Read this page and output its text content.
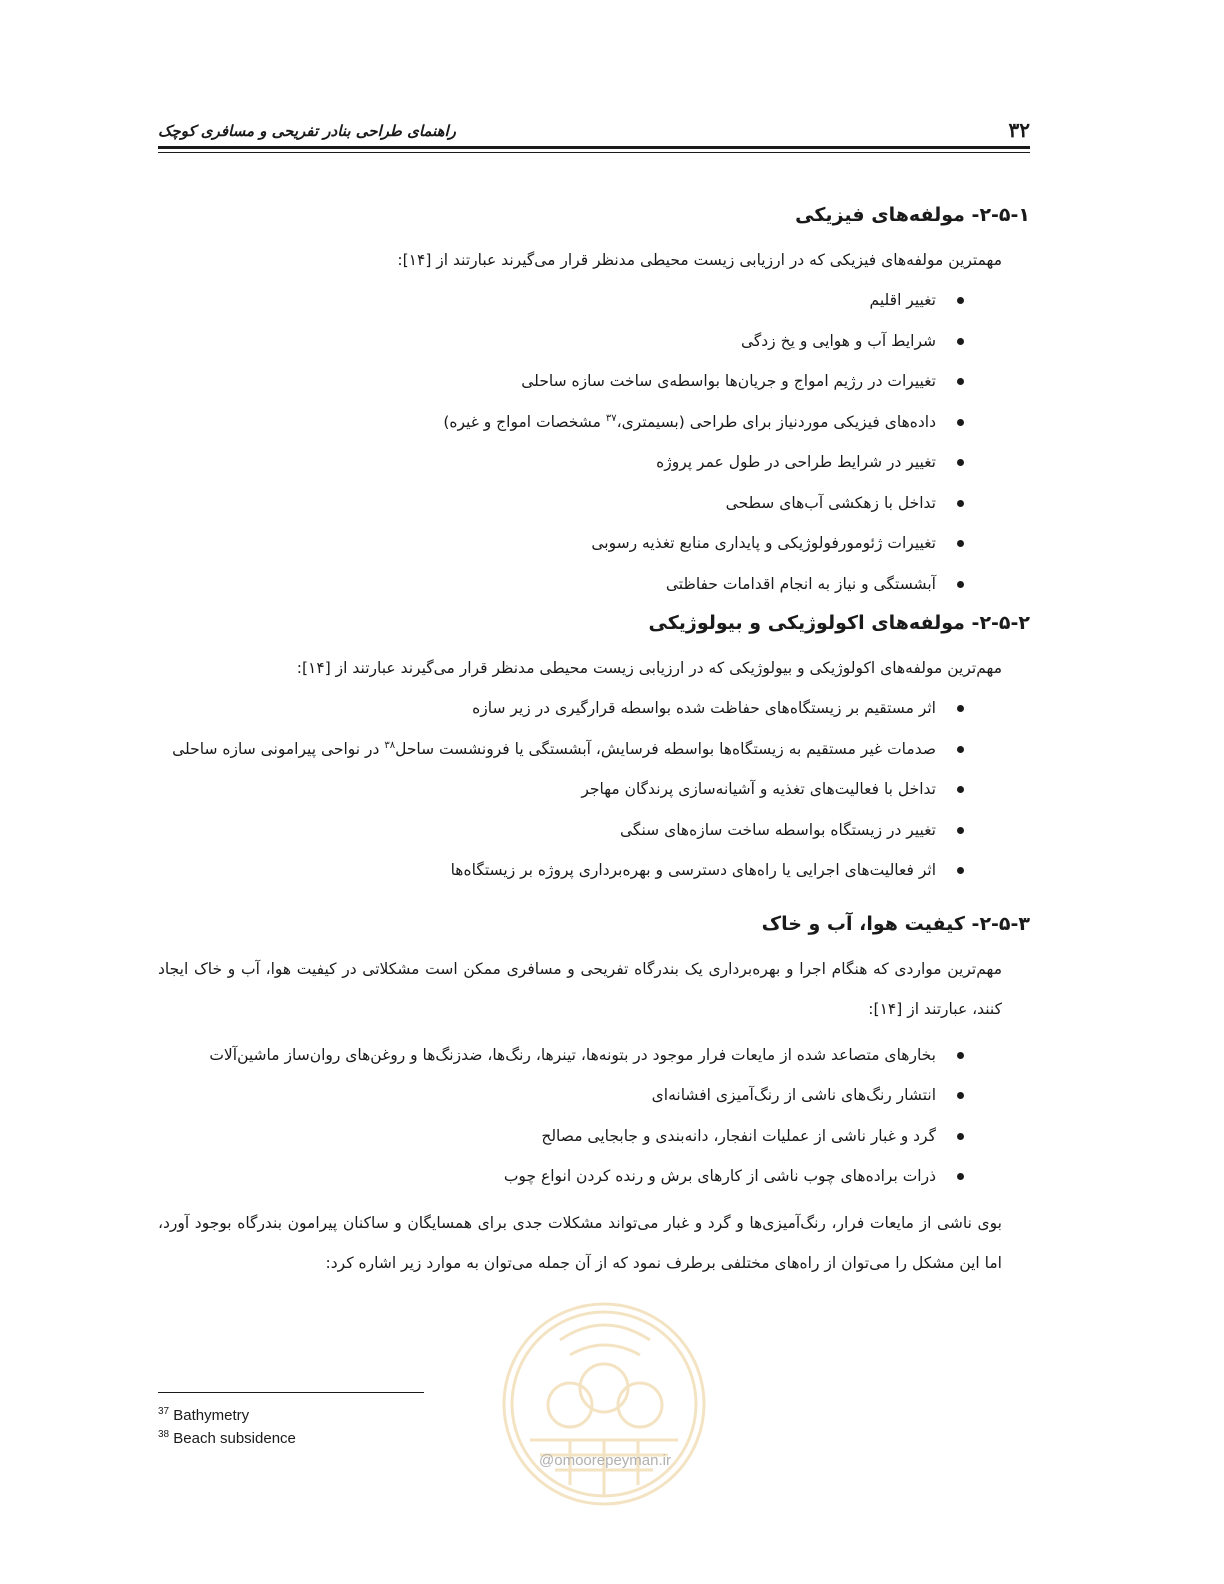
۳۲
راهنمای طراحی بنادر تفریحی و مسافری کوچک
۲-۵-۱- مولفه‌های فیزیکی

مهمترین مولفه‌های فیزیکی که در ارزیابی زیست محیطی مدنظر قرار می‌گیرند عبارتند از [۱۴]:

تغییر اقلیم
شرایط آب و هوایی و یخ زدگی
تغییرات در رژیم امواج و جریان‌ها بواسطه‌ی ساخت سازه ساحلی
داده‌های فیزیکی موردنیاز برای طراحی (بسیمتری،$^{۳۷}$ مشخصات امواج و غیره)
تغییر در شرایط طراحی در طول عمر پروژه
تداخل با زهکشی آب‌های سطحی
تغییرات ژئومورفولوژیکی و پایداری منابع تغذیه رسوبی
آبشستگی و نیاز به انجام اقدامات حفاظتی
۲-۵-۲- مولفه‌های اکولوژیکی و بیولوژیکی

مهم‌ترین مولفه‌های اکولوژیکی و بیولوژیکی که در ارزیابی زیست محیطی مدنظر قرار می‌گیرند عبارتند از [۱۴]:

اثر مستقیم بر زیستگاه‌های حفاظت شده بواسطه قرارگیری در زیر سازه
صدمات غیر مستقیم به زیستگاه‌ها بواسطه فرسایش، آبشستگی یا فرونشست ساحل$^{۳۸}$ در نواحی پیرامونی سازه ساحلی
تداخل با فعالیت‌های تغذیه و آشیانه‌سازی پرندگان مهاجر
تغییر در زیستگاه بواسطه ساخت سازه‌های سنگی
اثر فعالیت‌های اجرایی یا راه‌های دسترسی و بهره‌برداری پروژه بر زیستگاه‌ها
۲-۵-۳- کیفیت هوا، آب و خاک

مهم‌ترین مواردی که هنگام اجرا و بهره‌برداری یک بندرگاه تفریحی و مسافری ممکن است مشکلاتی در کیفیت هوا، آب و خاک ایجاد کنند، عبارتند از [۱۴]:

بخارهای متصاعد شده از مایعات فرار موجود در بتونه‌ها، تینرها، رنگ‌ها، ضدزنگ‌ها و روغن‌های روان‌ساز ماشین‌آلات
انتشار رنگ‌های ناشی از رنگ‌آمیزی افشانه‌ای
گرد و غبار ناشی از عملیات انفجار، دانه‌بندی و جابجایی مصالح
ذرات براده‌های چوب ناشی از کارهای برش و رنده کردن انواع چوب

بوی ناشی از مایعات فرار، رنگ‌آمیزی‌ها و گرد و غبار می‌تواند مشکلات جدی برای همسایگان و ساکنان پیرامون بندرگاه بوجود آورد، اما این مشکل را می‌توان از راه‌های مختلفی برطرف نمود که از آن جمله می‌توان به موارد زیر اشاره کرد:

@omoorepeyman.ir
$^{37}$ Bathymetry
$^{38}$ Beach subsidence
